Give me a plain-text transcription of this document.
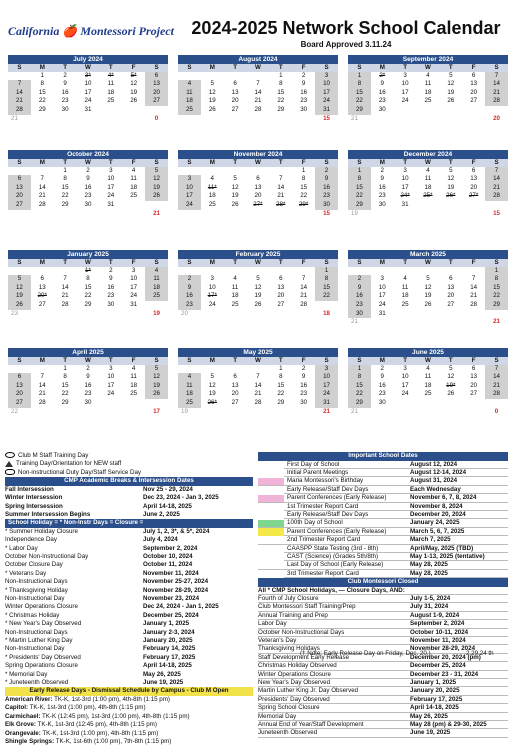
California 🍎 Montessori Project 2024-2025 Network School Calendar
Board Approved 3.11.24
July 2024
S	M	T	W	T	F	S
	1	2	3*	4*	5*	6
7	8	9	10	11	12	13
14	15	16	17	18	19	20
21	22	23	24	25	26	27
28	29	30	31			
21						0
August 2024
S	M	T	W	T	F	S
				1	2	3
4	5	6	7	8	9	10
11	12	13	14	15	16	17
18	19	20	21	22	23	24
25	26	27	28	29	30	31
						15
September 2024
S	M	T	W	T	F	S
1	2*	3	4	5	6	7
8	9	10	11	12	13	14
15	16	17	18	19	20	21
22	23	24	25	26	27	28
29	30					
21						20
October 2024
S	M	T	W	T	F	S
		1	2	3	4	5
6	7	8	9	10	11	12
13	14	15	16	17	18	19
20	21	22	23	24	25	26
27	28	29	30	31		
						21
November 2024
S	M	T	W	T	F	S
					1	2
3	4	5	6	7	8	9
10	11*	12	13	14	15	16
17	18	19	20	21	22	23
24	25	26	27*	28*	29*	30
						15
December 2024
S	M	T	W	T	F	S
1	2	3	4	5	6	7
8	9	10	11	12	13	14
15	16	17	18	19	20	21
22	23	24*	25*	26*	27*	28
29	30	31				
19						15
January 2025
S	M	T	W	T	F	S
			1*	2	3	4
5	6	7	8	9	10	11
12	13	14	15	16	17	18
19	20*	21	22	23	24	25
26	27	28	29	30	31	
23						19
February 2025
S	M	T	W	T	F	S
						1
2	3	4	5	6	7	8
9	10	11	12	13	14	15
16	17*	18	19	20	21	22
23	24	25	26	27	28	
20						18
March 2025
S	M	T	W	T	F	S
						1
2	3	4	5	6	7	8
9	10	11	12	13	14	15
16	17	18	19	20	21	22
23	24	25	26	27	28	29
30	31					
21						21
April 2025
S	M	T	W	T	F	S
		1	2	3	4	5
6	7	8	9	10	11	12
13	14	15	16	17	18	19
20	21	22	23	24	25	26
27	28	29	30			
22						17
May 2025
S	M	T	W	T	F	S
				1	2	3
4	5	6	7	8	9	10
11	12	13	14	15	16	17
18	19	20	21	22	23	24
25	26*	27	28	29	30	31
19						21
June 2025
S	M	T	W	T	F	S
1	2	3	4	5	6	7
8	9	10	11	12	13	14
15	16	17	18	19*	20	21
22	23	24	25	26	27	28
29	30					
21						0
Club M Staff Training Day
Training Day/Orientation for NEW staff
Non-instructional Duty Day/Staff Service Day
CMP Academic Breaks & Intersession Dates
Fall Intersession	Nov 25 - 29, 2024
Winter Intersession	Dec 23, 2024 - Jan 3, 2025
Spring Intersession	April 14-18, 2025
Summer Intersession Begins	June 2, 2025
School Holiday = * Non-Instr Days = Closure =
* Summer Holiday Closure	July 1, 2, 3*, & 5*, 2024
Independence Day	July 4, 2024
* Labor Day	September 2, 2024
October Non-Instructional Day	October 10, 2024
October Closure Day	October 11, 2024
* Veterans Day	November 11, 2024
Non-Instructional Days	November 25-27, 2024
* Thanksgiving Holiday	November 28-29, 2024
Non-Instructional Day	November 23, 2024
Winter Operations Closure	Dec 24, 2024 - Jan 1, 2025
* Christmas Holiday	December 25, 2024
* New Year's Day Observed	January 1, 2025
Non-Instructional Days	January 2-3, 2024
* Martin Luther King Day	January 20, 2025
Non-Instructional Day	February 14, 2025
* Presidents' Day Observed	February 17, 2025
Spring Operations Closure	April 14-18, 2025
* Memorial Day	May 26, 2025
* Juneteenth Observed	June 19, 2025
Early Release Days - Dismissal Schedule by Campus - Club M Open
American River: TK-K, 1st-3rd (1:00 pm), 4th-8th (1:15 pm)
Capitol: TK-K, 1st-3rd (1:00 pm), 4th-8th (1:15 pm)
Carmichael: TK-K (12:45 pm), 1st-3rd (1:00 pm), 4th-8th (1:15 pm)
Elk Grove: TK-K, 1st-3rd (12:45 pm), 4th-8th (1:15 pm)
Orangevale: TK-K, 1st-3rd (1:00 pm), 4th-8th (1:15 pm)
Shingle Springs: TK-K, 1st-6th (1:00 pm), 7th-8th (1:15 pm)
Important School Dates
First Day of School	August 12, 2024
Initial Parent Meetings	August 12-14, 2024
Maria Montessori's Birthday	August 31, 2024
Early Release/Staff Dev Days	Each Wednesday
Parent Conferences (Early Release)	November 6, 7, 8, 2024
1st Trimester Report Card	November 8, 2024
Early Release/Staff Dev Days	December 20, 2024
100th Day of School	January 24, 2025
Parent Conferences (Early Release)	March 5, 6, 7, 2025
2nd Trimester Report Card	March 7, 2025
CAASPP State Testing (3rd - 8th)	April/May, 2025 (TBD)
CAST (Science) (Grades 5th/8th)	May 1-13, 2025 (tentative)
Last Day of School (Early Release)	May 28, 2025
3rd Trimester Report Card	May 28, 2025
Club Montessori Closed
All * CMP School Holidays, — Closure Days, AND:
Fourth of July Closure	July 1-5, 2024
Club Montessori Staff Training/Prep	July 31, 2024
Annual Training and Prep	August 1-9, 2024
Labor Day	September 2, 2024
October Non-Instructional Days	October 10-11, 2024
Veteran's Day	November 11, 2024
Thanksgiving Holidays	November 28-29, 2024
Staff Development Early Release	December 20, 2024 (pm)
Christmas Holiday Observed	December 25, 2024
Winter Operations Closure	December 23 - 31, 2024
New Year's Day Observed	January 1, 2025
Martin Luther King Jr. Day Observed	January 20, 2025
Presidents' Day Observed	February 17, 2025
Spring School Closure	April 14-18, 2025
Memorial Day	May 26, 2025
Annual End of Year/Staff Development	May 28 (pm) & 29-30, 2025
Juneteenth Observed	June 19, 2025
(† Note: Early Release Day on Friday, Dec. 20.)	2.29.24 th
